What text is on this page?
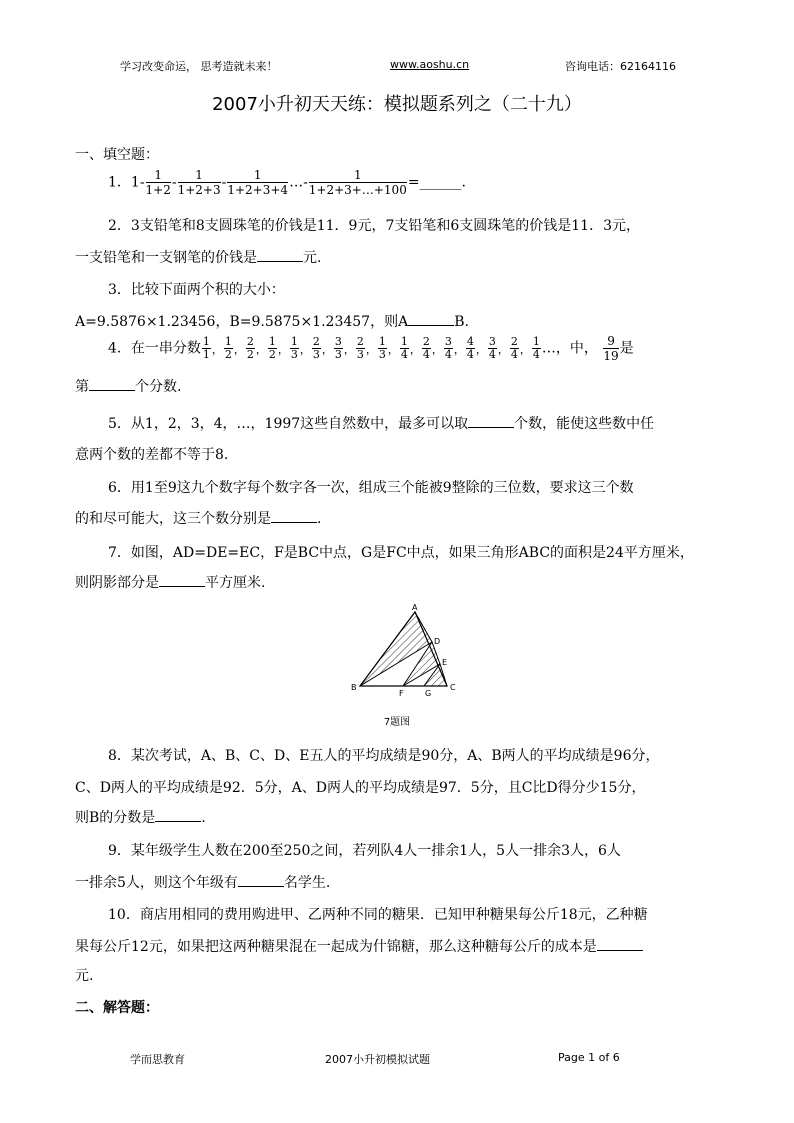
学习改变命运， 思考造就未来！	www.aoshu.cn	咨询电话：62164116
2007小升初天天练：模拟题系列之（二十九）
一、填空题：
1．$1- \frac{1}{1+2} - \frac{1}{1+2+3} - \frac{1}{1+2+3+4}$ …- $\frac{1}{1+2+3+\dots+100}$ =______.
2．3支铅笔和8支圆珠笔的价钱是11．9元，7支铅笔和6支圆珠笔的价钱是11．3元，
一支铅笔和一支钢笔的价钱是	元.
3．比较下面两个积的大小：
A=9.5876×1.23456，B=9.5875×1.23457，则A	B.
4．在一串分数 $\frac{1}{1}$ ， $\frac{1}{2}$ ， $\frac{2}{2}$ ， $\frac{1}{2}$ ， $\frac{1}{3}$ ， $\frac{2}{3}$ ， $\frac{3}{3}$ ， $\frac{2}{3}$ ， $\frac{1}{3}$ ， $\frac{1}{4}$ ， $\frac{2}{4}$ ， $\frac{3}{4}$ ， $\frac{4}{4}$ ， $\frac{3}{4}$ ， $\frac{2}{4}$ ， $\frac{1}{4}$ …，中， $\frac{9}{19}$ 是
第	个分数.
5．从1，2，3，4，…，1997这些自然数中，最多可以取	个数，能使这些数中任
意两个数的差都不等于8.
6．用1至9这九个数字每个数字各一次，组成三个能被9整除的三位数，要求这三个数
的和尽可能大，这三个数分别是	.
7．如图，AD=DE=EC，F是BC中点，G是FC中点，如果三角形ABC的面积是24平方厘米，
则阴影部分是	平方厘米.
A
B	C
D
E
F	G
7题图
8．某次考试，A、B、C、D、E五人的平均成绩是90分，A、B两人的平均成绩是96分，
C、D两人的平均成绩是92．5分，A、D两人的平均成绩是97．5分，且C比D得分少15分，
则B的分数是	.
9．某年级学生人数在200至250之间，若列队4人一排余1人，5人一排余3人，6人
一排余5人，则这个年级有	名学生.
10．商店用相同的费用购进甲、乙两种不同的糖果．已知甲种糖果每公斤18元，乙种糖
果每公斤12元，如果把这两种糖果混在一起成为什锦糖，那么这种糖每公斤的成本是
元.
二、解答题：
学而思教育	2007小升初模拟试题	Page 1 of 6
